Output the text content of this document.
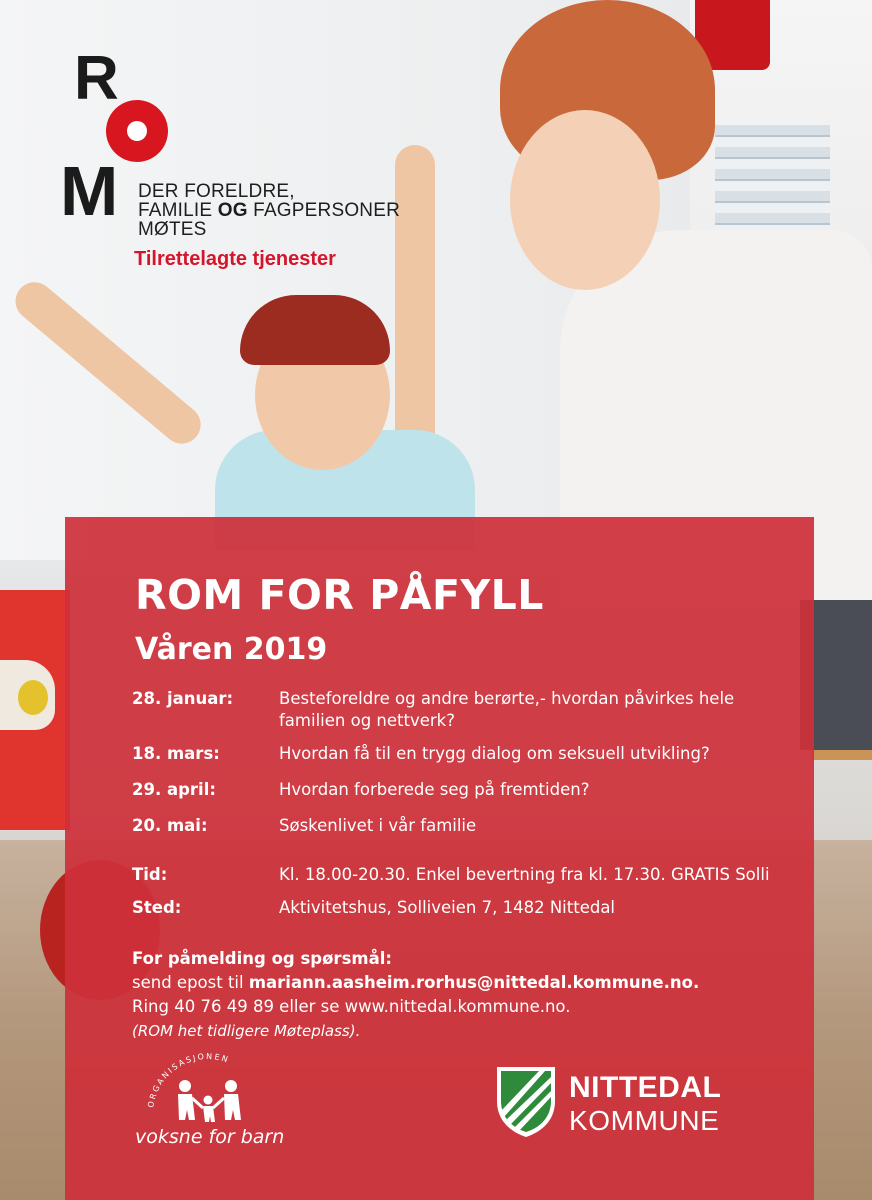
R
M DER FORELDRE,
FAMILIE OG FAGPERSONER
MØTES
Tilrettelagte tjenester
ROM FOR PÅFYLL
Våren 2019
28. januar:	Besteforeldre og andre berørte,- hvordan påvirkes hele familien og nettverk?
18. mars:	Hvordan få til en trygg dialog om seksuell utvikling?
29. april:	Hvordan forberede seg på fremtiden?
20. mai:	Søskenlivet i vår familie
Tid:	Kl. 18.00-20.30. Enkel bevertning fra kl. 17.30. GRATIS Solli
Sted:	Aktivitetshus, Solliveien 7, 1482 Nittedal
For påmelding og spørsmål:
send epost til mariann.aasheim.rorhus@nittedal.kommune.no.
Ring 40 76 49 89 eller se www.nittedal.kommune.no.
(ROM het tidligere Møteplass).
ORGANISASJONEN
voksne for barn
NITTEDAL
KOMMUNE
